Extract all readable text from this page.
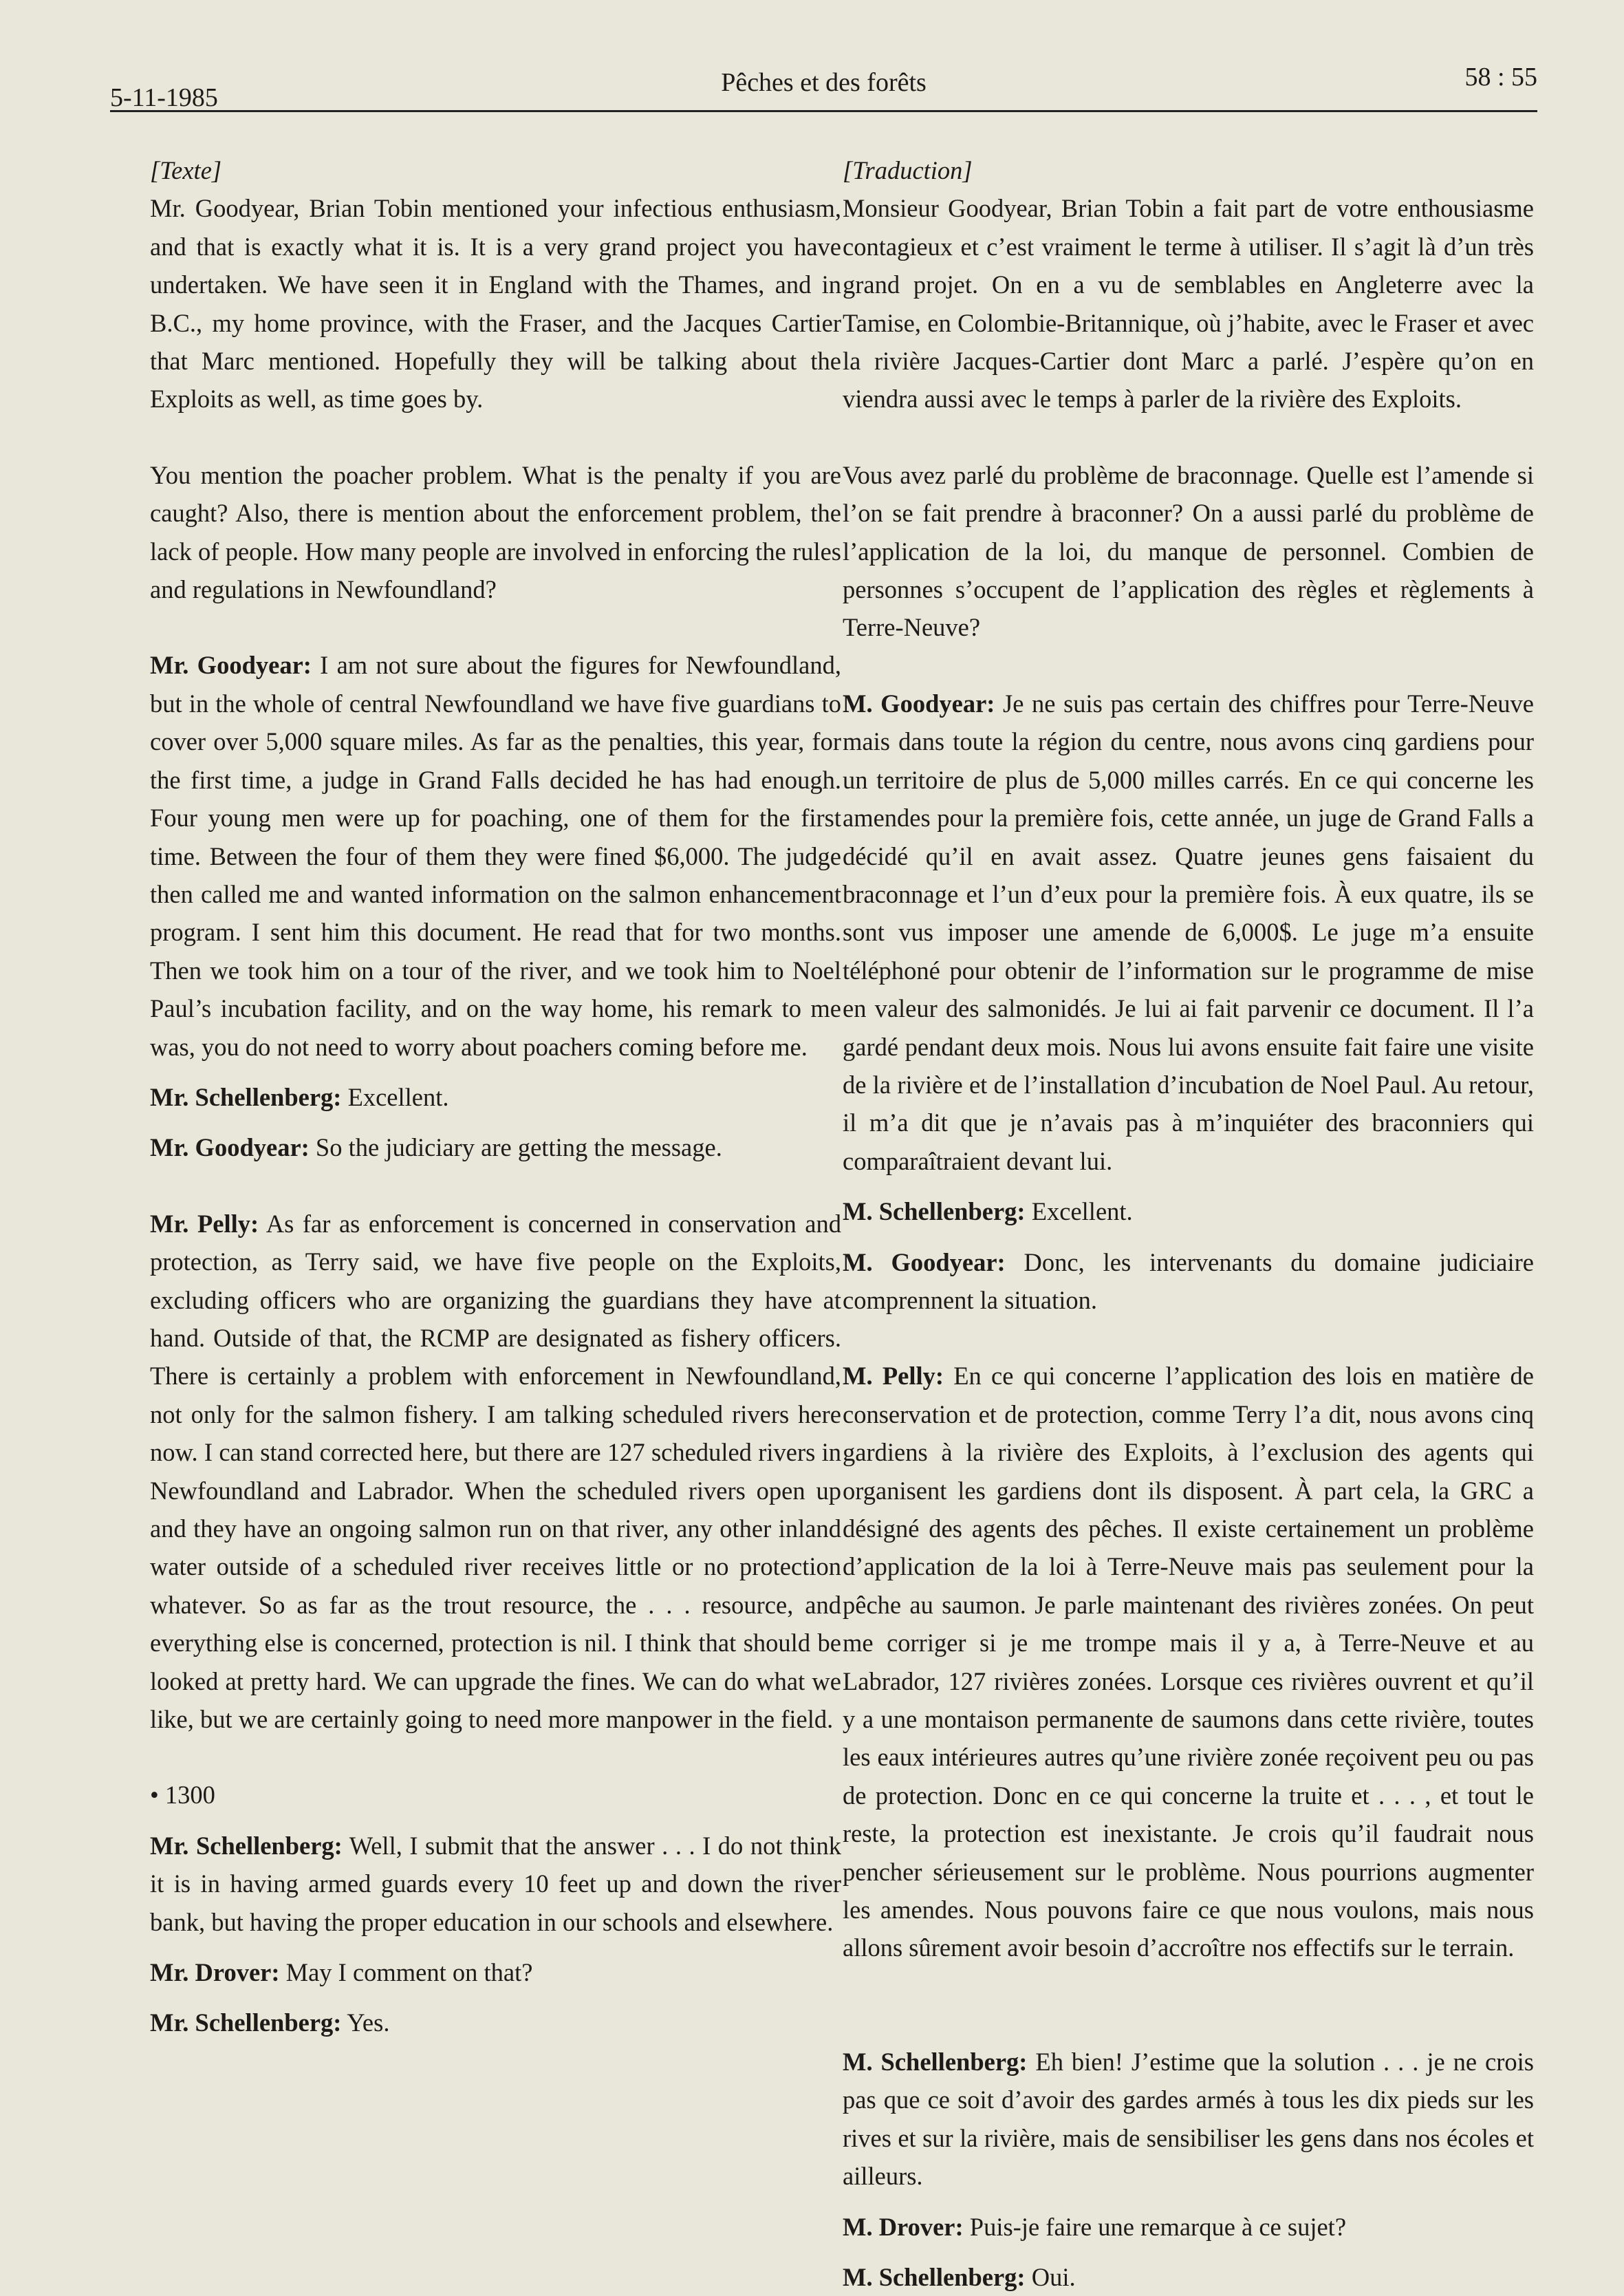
5-11-1985
Pêches et des forêts	58 : 55

[Texte]

Mr. Goodyear, Brian Tobin mentioned your infectious enthusiasm, and that is exactly what it is. It is a very grand project you have undertaken. We have seen it in England with the Thames, and in B.C., my home province, with the Fraser, and the Jacques Cartier that Marc mentioned. Hopefully they will be talking about the Exploits as well, as time goes by.

You mention the poacher problem. What is the penalty if you are caught? Also, there is mention about the enforcement problem, the lack of people. How many people are involved in enforcing the rules and regulations in Newfoundland?

Mr. Goodyear: I am not sure about the figures for Newfoundland, but in the whole of central Newfoundland we have five guardians to cover over 5,000 square miles. As far as the penalties, this year, for the first time, a judge in Grand Falls decided he has had enough. Four young men were up for poaching, one of them for the first time. Between the four of them they were fined $6,000. The judge then called me and wanted information on the salmon enhancement program. I sent him this document. He read that for two months. Then we took him on a tour of the river, and we took him to Noel Paul’s incubation facility, and on the way home, his remark to me was, you do not need to worry about poachers coming before me.

Mr. Schellenberg: Excellent.

Mr. Goodyear: So the judiciary are getting the message.

Mr. Pelly: As far as enforcement is concerned in conservation and protection, as Terry said, we have five people on the Exploits, excluding officers who are organizing the guardians they have at hand. Outside of that, the RCMP are designated as fishery officers. There is certainly a problem with enforcement in Newfoundland, not only for the salmon fishery. I am talking scheduled rivers here now. I can stand corrected here, but there are 127 scheduled rivers in Newfoundland and Labrador. When the scheduled rivers open up and they have an ongoing salmon run on that river, any other inland water outside of a scheduled river receives little or no protection whatever. So as far as the trout resource, the . . . resource, and everything else is concerned, protection is nil. I think that should be looked at pretty hard. We can upgrade the fines. We can do what we like, but we are certainly going to need more manpower in the field.

• 1300

Mr. Schellenberg: Well, I submit that the answer . . . I do not think it is in having armed guards every 10 feet up and down the river bank, but having the proper education in our schools and elsewhere.

Mr. Drover: May I comment on that?

Mr. Schellenberg: Yes.

[Traduction]

Monsieur Goodyear, Brian Tobin a fait part de votre enthousiasme contagieux et c’est vraiment le terme à utiliser. Il s’agit là d’un très grand projet. On en a vu de semblables en Angleterre avec la Tamise, en Colombie-Britannique, où j’habite, avec le Fraser et avec la rivière Jacques-Cartier dont Marc a parlé. J’espère qu’on en viendra aussi avec le temps à parler de la rivière des Exploits.

Vous avez parlé du problème de braconnage. Quelle est l’amende si l’on se fait prendre à braconner? On a aussi parlé du problème de l’application de la loi, du manque de personnel. Combien de personnes s’occupent de l’application des règles et règlements à Terre-Neuve?

M. Goodyear: Je ne suis pas certain des chiffres pour Terre-Neuve mais dans toute la région du centre, nous avons cinq gardiens pour un territoire de plus de 5,000 milles carrés. En ce qui concerne les amendes pour la première fois, cette année, un juge de Grand Falls a décidé qu’il en avait assez. Quatre jeunes gens faisaient du braconnage et l’un d’eux pour la première fois. À eux quatre, ils se sont vus imposer une amende de 6,000$. Le juge m’a ensuite téléphoné pour obtenir de l’information sur le programme de mise en valeur des salmonidés. Je lui ai fait parvenir ce document. Il l’a gardé pendant deux mois. Nous lui avons ensuite fait faire une visite de la rivière et de l’installation d’incubation de Noel Paul. Au retour, il m’a dit que je n’avais pas à m’inquiéter des braconniers qui comparaîtraient devant lui.

M. Schellenberg: Excellent.

M. Goodyear: Donc, les intervenants du domaine judiciaire comprennent la situation.

M. Pelly: En ce qui concerne l’application des lois en matière de conservation et de protection, comme Terry l’a dit, nous avons cinq gardiens à la rivière des Exploits, à l’exclusion des agents qui organisent les gardiens dont ils disposent. À part cela, la GRC a désigné des agents des pêches. Il existe certainement un problème d’application de la loi à Terre-Neuve mais pas seulement pour la pêche au saumon. Je parle maintenant des rivières zonées. On peut me corriger si je me trompe mais il y a, à Terre-Neuve et au Labrador, 127 rivières zonées. Lorsque ces rivières ouvrent et qu’il y a une montaison permanente de saumons dans cette rivière, toutes les eaux intérieures autres qu’une rivière zonée reçoivent peu ou pas de protection. Donc en ce qui concerne la truite et . . . , et tout le reste, la protection est inexistante. Je crois qu’il faudrait nous pencher sérieusement sur le problème. Nous pourrions augmenter les amendes. Nous pouvons faire ce que nous voulons, mais nous allons sûrement avoir besoin d’accroître nos effectifs sur le terrain.

M. Schellenberg: Eh bien! J’estime que la solution . . . je ne crois pas que ce soit d’avoir des gardes armés à tous les dix pieds sur les rives et sur la rivière, mais de sensibiliser les gens dans nos écoles et ailleurs.

M. Drover: Puis-je faire une remarque à ce sujet?

M. Schellenberg: Oui.
